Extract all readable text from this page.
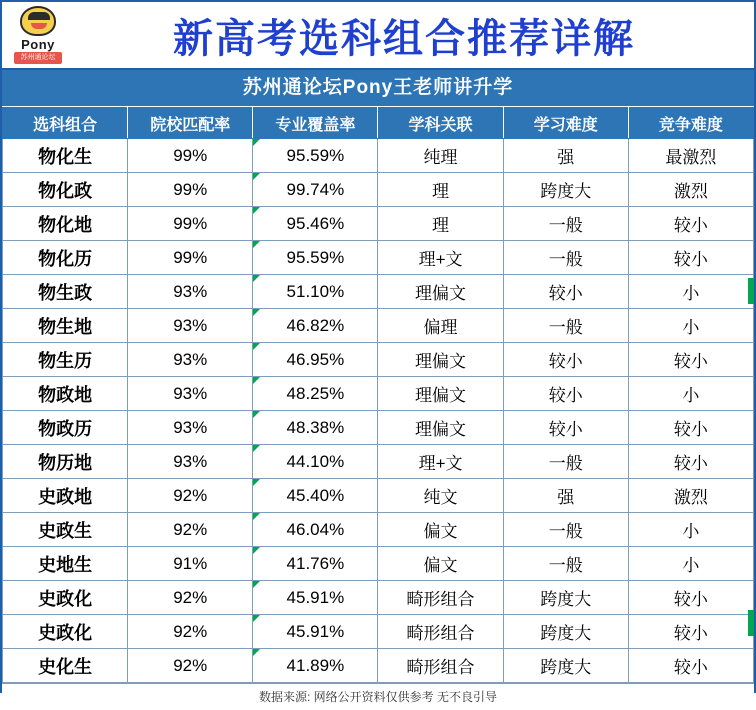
Pony
苏州通论坛	新高考选科组合推荐详解
苏州通论坛Pony王老师讲升学
选科组合	院校匹配率	专业覆盖率	学科关联	学习难度	竞争难度
物化生	99%	95.59%	纯理	强	最激烈
物化政	99%	99.74%	理	跨度大	激烈
物化地	99%	95.46%	理	一般	较小
物化历	99%	95.59%	理+文	一般	较小
物生政	93%	51.10%	理偏文	较小	小
物生地	93%	46.82%	偏理	一般	小
物生历	93%	46.95%	理偏文	较小	较小
物政地	93%	48.25%	理偏文	较小	小
物政历	93%	48.38%	理偏文	较小	较小
物历地	93%	44.10%	理+文	一般	较小
史政地	92%	45.40%	纯文	强	激烈
史政生	92%	46.04%	偏文	一般	小
史地生	91%	41.76%	偏文	一般	小
史政化	92%	45.91%	畸形组合	跨度大	较小
史政化	92%	45.91%	畸形组合	跨度大	较小
史化生	92%	41.89%	畸形组合	跨度大	较小
数据来源: 网络公开资料仅供参考 无不良引导
